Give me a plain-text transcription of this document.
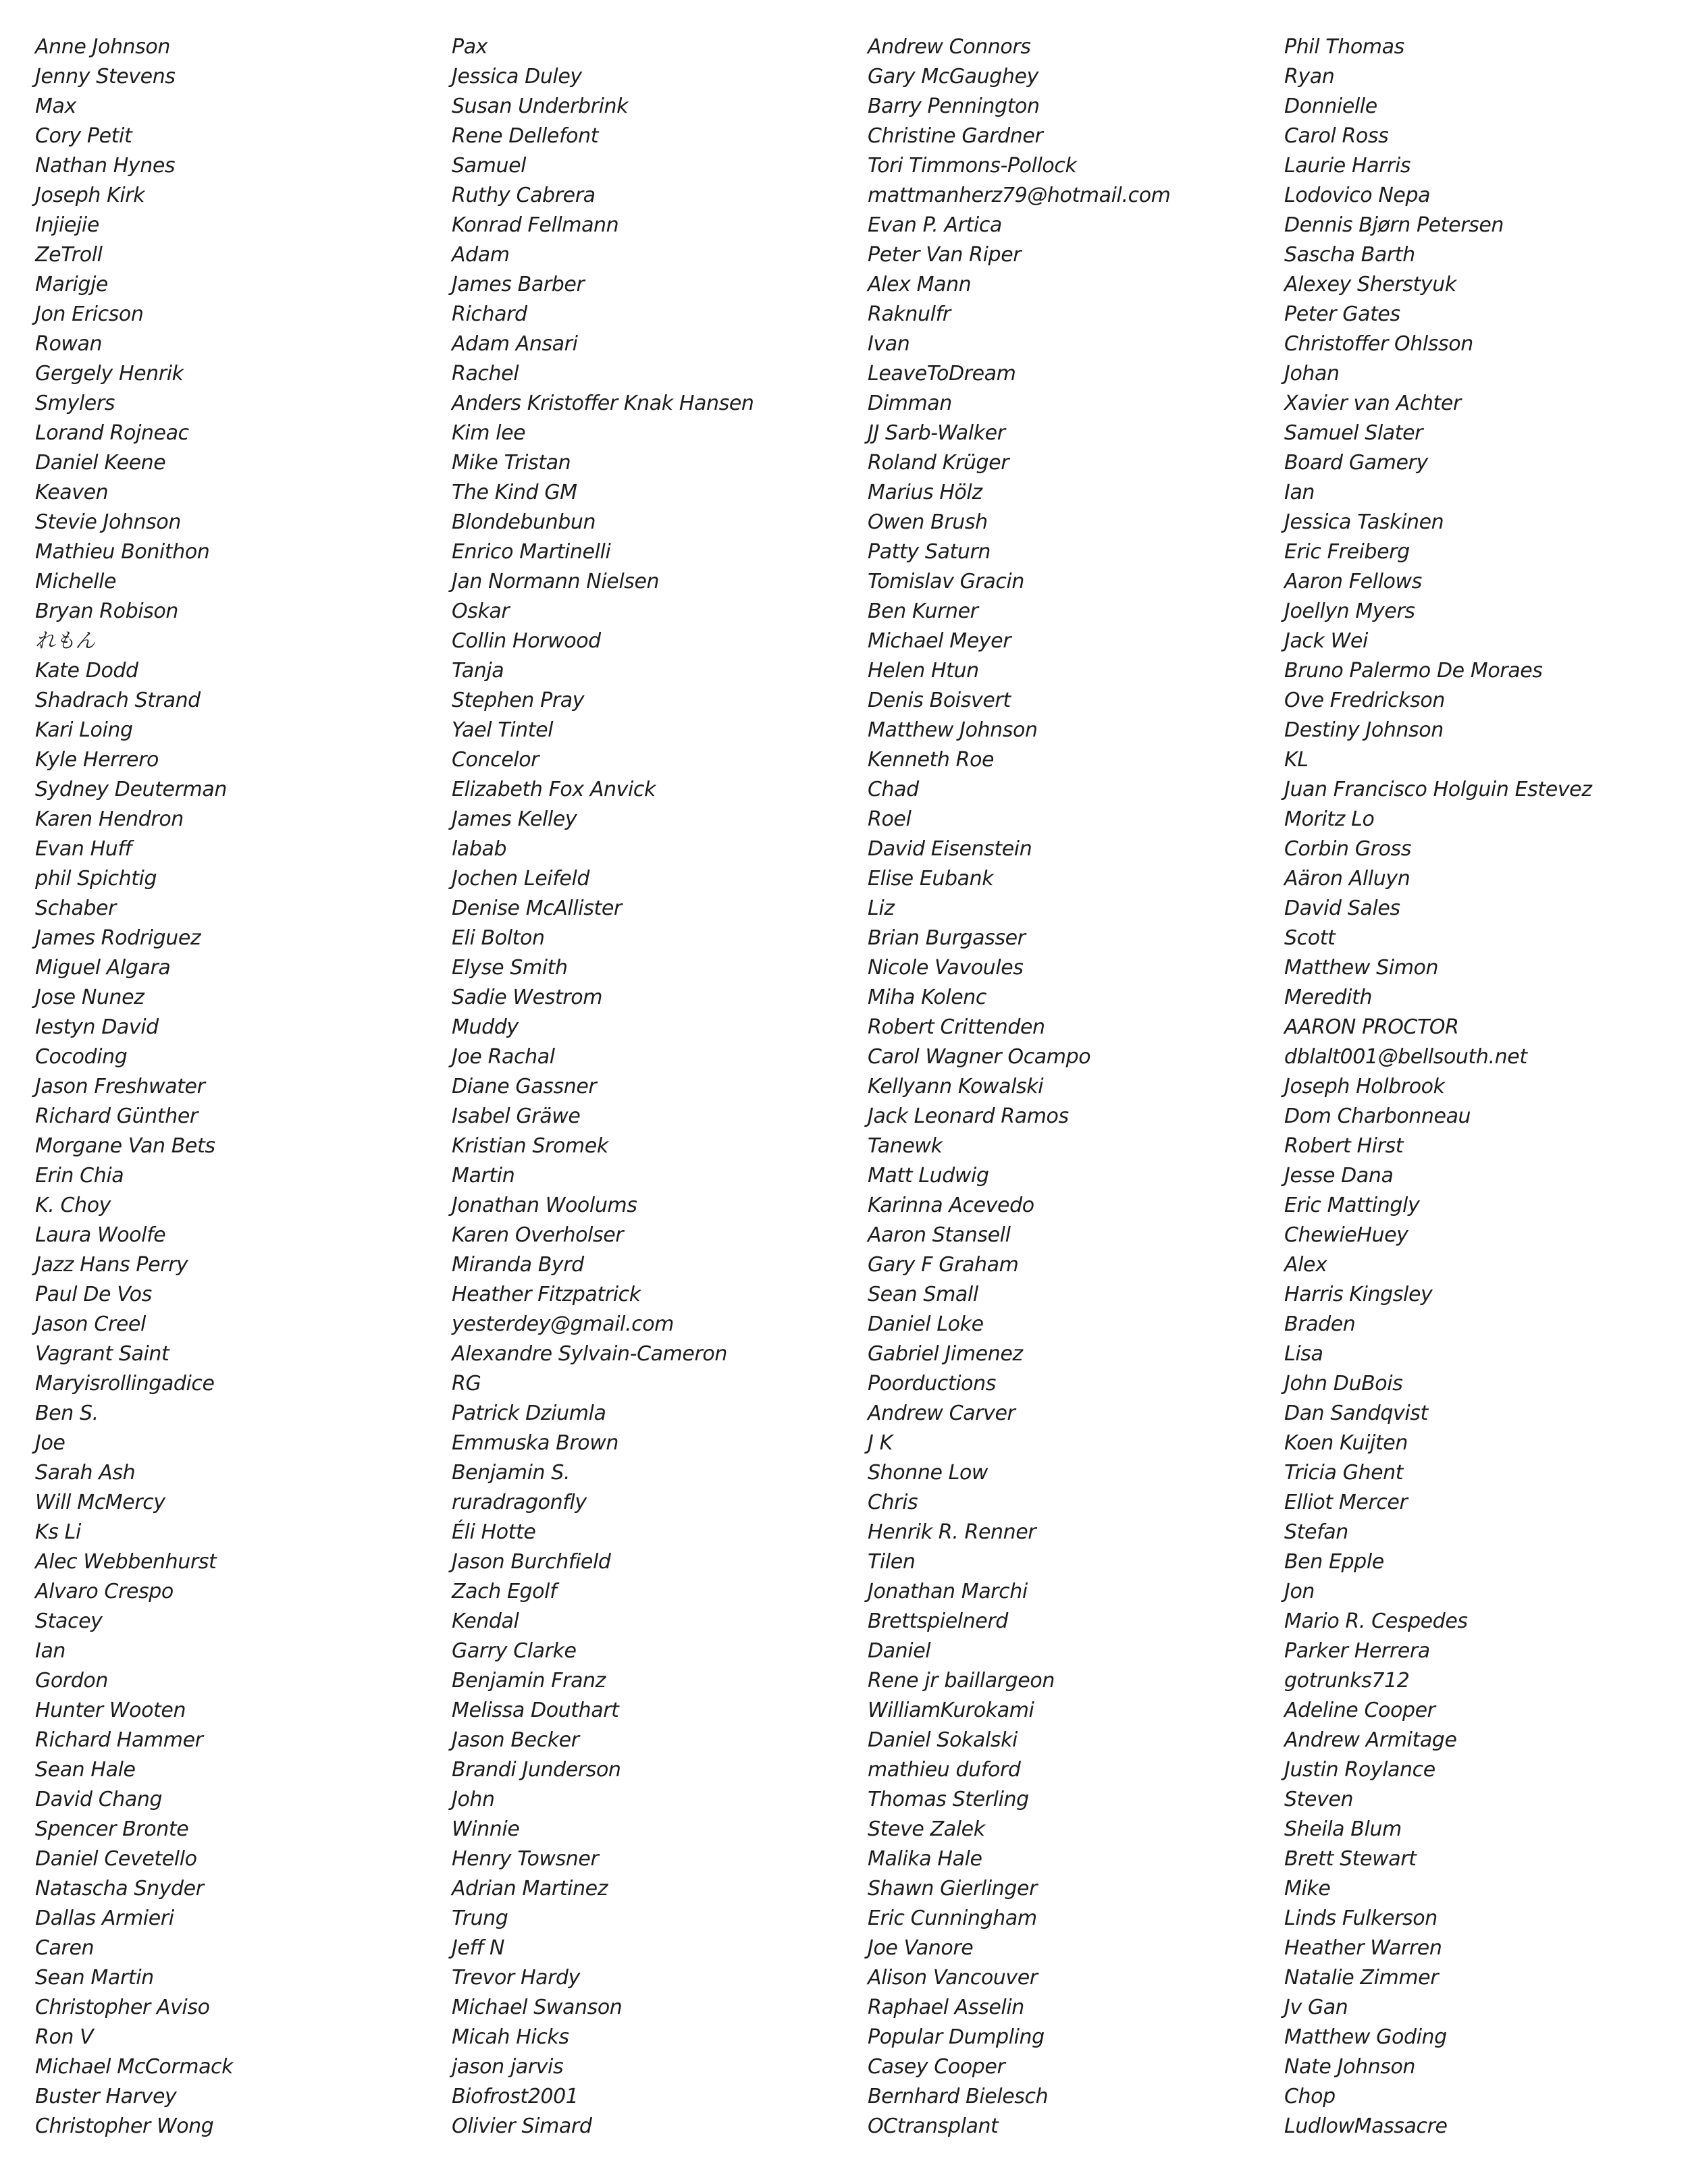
Anne Johnson
Jenny Stevens
Max
Cory Petit
Nathan Hynes
Joseph Kirk
Injiejie
ZeTroll
Marigje
Jon Ericson
Rowan
Gergely Henrik
Smylers
Lorand Rojneac
Daniel Keene
Keaven
Stevie Johnson
Mathieu Bonithon
Michelle
Bryan Robison
れもん
Kate Dodd
Shadrach Strand
Kari Loing
Kyle Herrero
Sydney Deuterman
Karen Hendron
Evan Huff
phil Spichtig
Schaber
James Rodriguez
Miguel Algara
Jose Nunez
Iestyn David
Cocoding
Jason Freshwater
Richard Günther
Morgane Van Bets
Erin Chia
K. Choy
Laura Woolfe
Jazz Hans Perry
Paul De Vos
Jason Creel
Vagrant Saint
Maryisrollingadice
Ben S.
Joe
Sarah Ash
Will McMercy
Ks Li
Alec Webbenhurst
Alvaro Crespo
Stacey
Ian
Gordon
Hunter Wooten
Richard Hammer
Sean Hale
David Chang
Spencer Bronte
Daniel Cevetello
Natascha Snyder
Dallas Armieri
Caren
Sean Martin
Christopher Aviso
Ron V
Michael McCormack
Buster Harvey
Christopher Wong
Pax
Jessica Duley
Susan Underbrink
Rene Dellefont
Samuel
Ruthy Cabrera
Konrad Fellmann
Adam
James Barber
Richard
Adam Ansari
Rachel
Anders Kristoffer Knak Hansen
Kim lee
Mike Tristan
The Kind GM
Blondebunbun
Enrico Martinelli
Jan Normann Nielsen
Oskar
Collin Horwood
Tanja
Stephen Pray
Yael Tintel
Concelor
Elizabeth Fox Anvick
James Kelley
labab
Jochen Leifeld
Denise McAllister
Eli Bolton
Elyse Smith
Sadie Westrom
Muddy
Joe Rachal
Diane Gassner
Isabel Gräwe
Kristian Sromek
Martin
Jonathan Woolums
Karen Overholser
Miranda Byrd
Heather Fitzpatrick
yesterdey@gmail.com
Alexandre Sylvain-Cameron
RG
Patrick Dziumla
Emmuska Brown
Benjamin S.
ruradragonfly
Éli Hotte
Jason Burchfield
Zach Egolf
Kendal
Garry Clarke
Benjamin Franz
Melissa Douthart
Jason Becker
Brandi Junderson
John
Winnie
Henry Towsner
Adrian Martinez
Trung
Jeff N
Trevor Hardy
Michael Swanson
Micah Hicks
jason jarvis
Biofrost2001
Olivier Simard
Andrew Connors
Gary McGaughey
Barry Pennington
Christine Gardner
Tori Timmons-Pollock
mattmanherz79@hotmail.com
Evan P. Artica
Peter Van Riper
Alex Mann
Raknulfr
Ivan
LeaveToDream
Dimman
JJ Sarb-Walker
Roland Krüger
Marius Hölz
Owen Brush
Patty Saturn
Tomislav Gracin
Ben Kurner
Michael Meyer
Helen Htun
Denis Boisvert
Matthew Johnson
Kenneth Roe
Chad
Roel
David Eisenstein
Elise Eubank
Liz
Brian Burgasser
Nicole Vavoules
Miha Kolenc
Robert Crittenden
Carol Wagner Ocampo
Kellyann Kowalski
Jack Leonard Ramos
Tanewk
Matt Ludwig
Karinna Acevedo
Aaron Stansell
Gary F Graham
Sean Small
Daniel Loke
Gabriel Jimenez
Poorductions
Andrew Carver
J K
Shonne Low
Chris
Henrik R. Renner
Tilen
Jonathan Marchi
Brettspielnerd
Daniel
Rene jr baillargeon
WilliamKurokami
Daniel Sokalski
mathieu duford
Thomas Sterling
Steve Zalek
Malika Hale
Shawn Gierlinger
Eric Cunningham
Joe Vanore
Alison Vancouver
Raphael Asselin
Popular Dumpling
Casey Cooper
Bernhard Bielesch
OCtransplant
Phil Thomas
Ryan
Donnielle
Carol Ross
Laurie Harris
Lodovico Nepa
Dennis Bjørn Petersen
Sascha Barth
Alexey Sherstyuk
Peter Gates
Christoffer Ohlsson
Johan
Xavier van Achter
Samuel Slater
Board Gamery
Ian
Jessica Taskinen
Eric Freiberg
Aaron Fellows
Joellyn Myers
Jack Wei
Bruno Palermo De Moraes
Ove Fredrickson
Destiny Johnson
KL
Juan Francisco Holguin Estevez
Moritz Lo
Corbin Gross
Aäron Alluyn
David Sales
Scott
Matthew Simon
Meredith
AARON PROCTOR
dblalt001@bellsouth.net
Joseph Holbrook
Dom Charbonneau
Robert Hirst
Jesse Dana
Eric Mattingly
ChewieHuey
Alex
Harris Kingsley
Braden
Lisa
John DuBois
Dan Sandqvist
Koen Kuijten
Tricia Ghent
Elliot Mercer
Stefan
Ben Epple
Jon
Mario R. Cespedes
Parker Herrera
gotrunks712
Adeline Cooper
Andrew Armitage
Justin Roylance
Steven
Sheila Blum
Brett Stewart
Mike
Linds Fulkerson
Heather Warren
Natalie Zimmer
Jv Gan
Matthew Goding
Nate Johnson
Chop
LudlowMassacre
